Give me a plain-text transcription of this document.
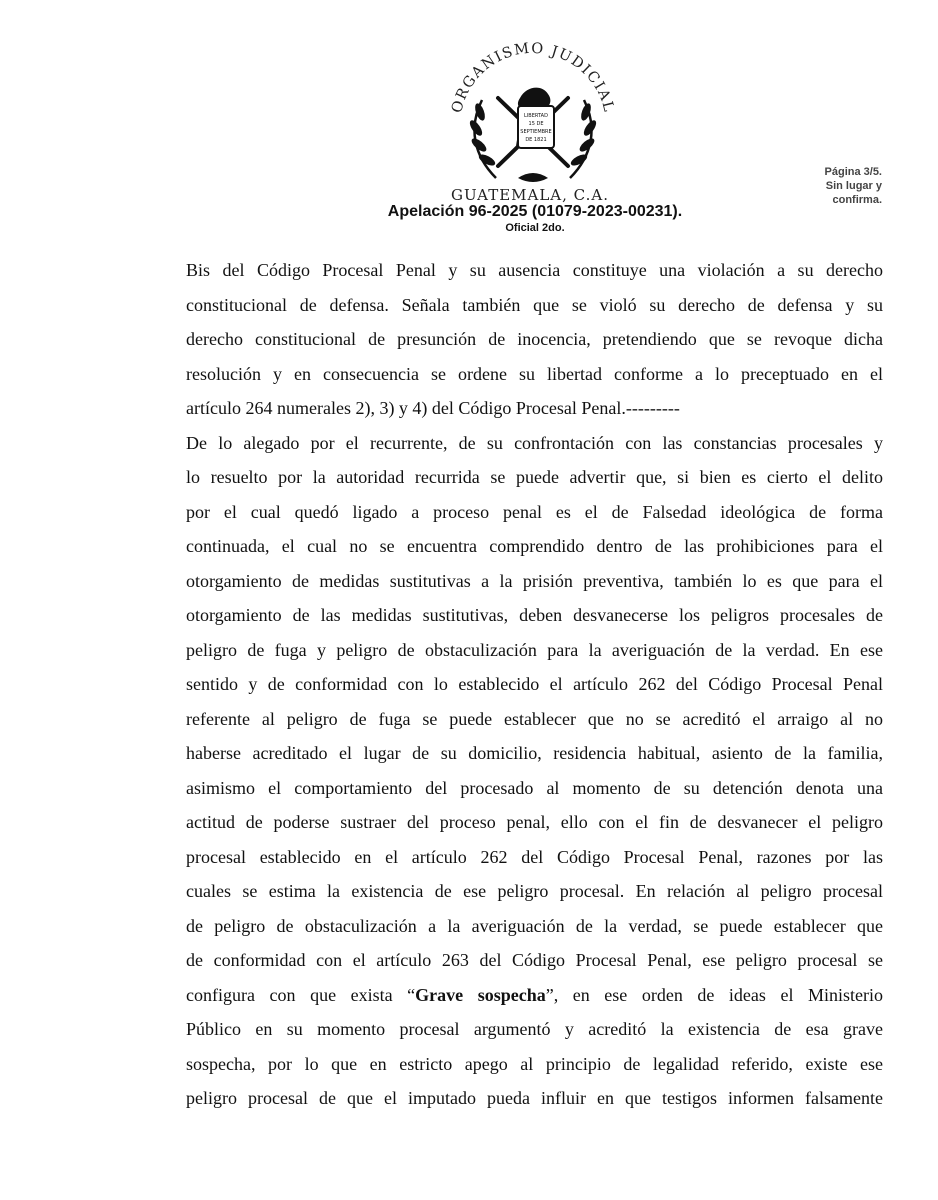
ORGANISMO JUDICIAL
LIBERTAD
15 DE
SEPTIEMBRE
DE 1821
GUATEMALA, C.A.
Apelación 96-2025 (01079-2023-00231).
Oficial 2do.
Página 3/5.
Sin lugar y
confirma.
Bis del Código Procesal Penal y su ausencia constituye una violación a su derecho
constitucional de defensa. Señala también que se violó su derecho de defensa y su
derecho constitucional de presunción de inocencia, pretendiendo que se revoque dicha
resolución y en consecuencia se ordene su libertad conforme a lo preceptuado en el
artículo 264 numerales 2), 3) y 4) del Código Procesal Penal.---------
De lo alegado por el recurrente, de su confrontación con las constancias procesales y
lo resuelto por la autoridad recurrida se puede advertir que, si bien es cierto el delito
por el cual quedó ligado a proceso penal es el de Falsedad ideológica de forma
continuada, el cual no se encuentra comprendido dentro de las prohibiciones para el
otorgamiento de medidas sustitutivas a la prisión preventiva, también lo es que para el
otorgamiento de las medidas sustitutivas, deben desvanecerse los peligros procesales de
peligro de fuga y peligro de obstaculización para la averiguación de la verdad. En ese
sentido y de conformidad con lo establecido el artículo 262 del Código Procesal Penal
referente al peligro de fuga se puede establecer que no se acreditó el arraigo al no
haberse acreditado el lugar de su domicilio, residencia habitual, asiento de la familia,
asimismo el comportamiento del procesado al momento de su detención denota una
actitud de poderse sustraer del proceso penal, ello con el fin de desvanecer el peligro
procesal establecido en el artículo 262 del Código Procesal Penal, razones por las
cuales se estima la existencia de ese peligro procesal. En relación al peligro procesal
de peligro de obstaculización a la averiguación de la verdad, se puede establecer que
de conformidad con el artículo 263 del Código Procesal Penal, ese peligro procesal se
configura con que exista “Grave sospecha”, en ese orden de ideas el Ministerio
Público en su momento procesal argumentó y acreditó la existencia de esa grave
sospecha, por lo que en estricto apego al principio de legalidad referido, existe ese
peligro procesal de que el imputado pueda influir en que testigos informen falsamente
